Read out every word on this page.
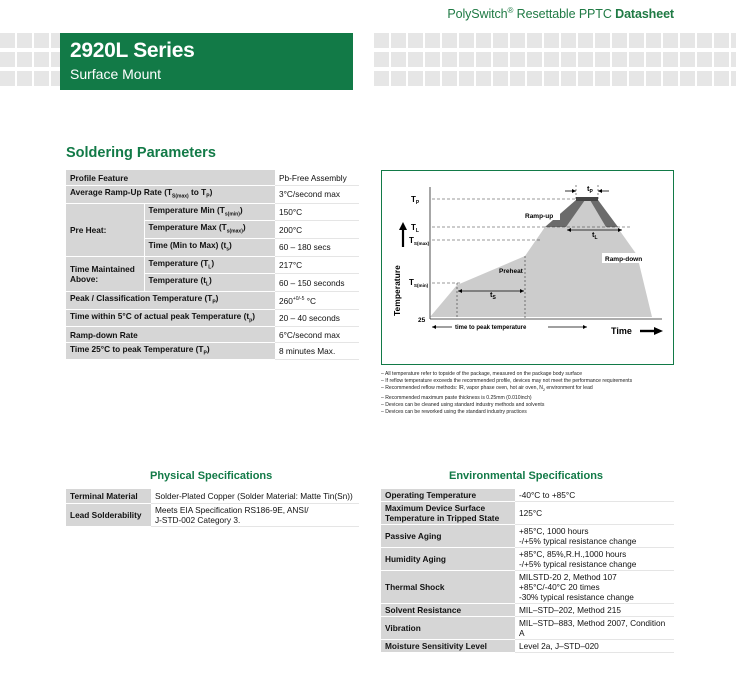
PolySwitch® Resettable PPTC Datasheet
2920L Series
Surface Mount
Soldering Parameters
Profile Feature		Pb-Free Assembly
Average Ramp-Up Rate ($T_{S(max)}$ to $T_P$)		3°C/second max
Pre Heat:	Temperature Min $(T_{s(min)})$	150°C
	Temperature Max $(T_{s(max)})$	200°C
	Time (Min to Max) $(t_s)$	60 – 180 secs
Time Maintained Above:	Temperature $(T_L)$	217°C
	Temperature $(t_L)$	60 – 150 seconds
Peak / Classification Temperature $(T_P)$		$260^{+0/-5}$ °C
Time within 5°C of actual peak Temperature $(t_p)$		20 – 40 seconds
Ramp-down Rate		6°C/second max
Time 25°C to peak Temperature $(T_P)$		8 minutes Max.
$T_P$
$T_L$
$T_{S(max)}$
$T_{S(min)}$
25
Temperature
Time
Ramp-up
Ramp-down
Preheat
$t_P$
$t_L$
$t_S$
time to peak temperature
– All temperature refer to topside of the package, measured on the package body surface
– If reflow temperature exceeds the recommended profile, devices may not meet the performance requirements
– Recommended reflow methods: IR, vapor phase oven, hot air oven, $N_2$ environment for lead
– Recommended maximum paste thickness is 0.25mm (0.010inch)
– Devices can be cleaned using standard industry methods and solvents
– Devices can be reworked using the standard industry practices
Physical Specifications
Terminal Material	Solder-Plated Copper (Solder Material: Matte Tin(Sn))
Lead Solderability	Meets EIA Specification RS186-9E, ANSI/
J-STD-002 Category 3.
Environmental Specifications
Operating Temperature	-40°C to +85°C

Maximum Device Surface
Temperature in Tripped State	125°C
Passive Aging	+85°C, 1000 hours
-/+5% typical resistance change

Humidity Aging	+85°C, 85%,R.H.,1000 hours
-/+5% typical resistance change

Thermal Shock	MILSTD-20 2, Method 107
+85°C/-40°C 20 times
-30% typical resistance change

Solvent Resistance	MIL–STD–202, Method 215
Vibration	MIL–STD–883, Method 2007, Condition A
Moisture Sensitivity Level	Level 2a, J–STD–020
